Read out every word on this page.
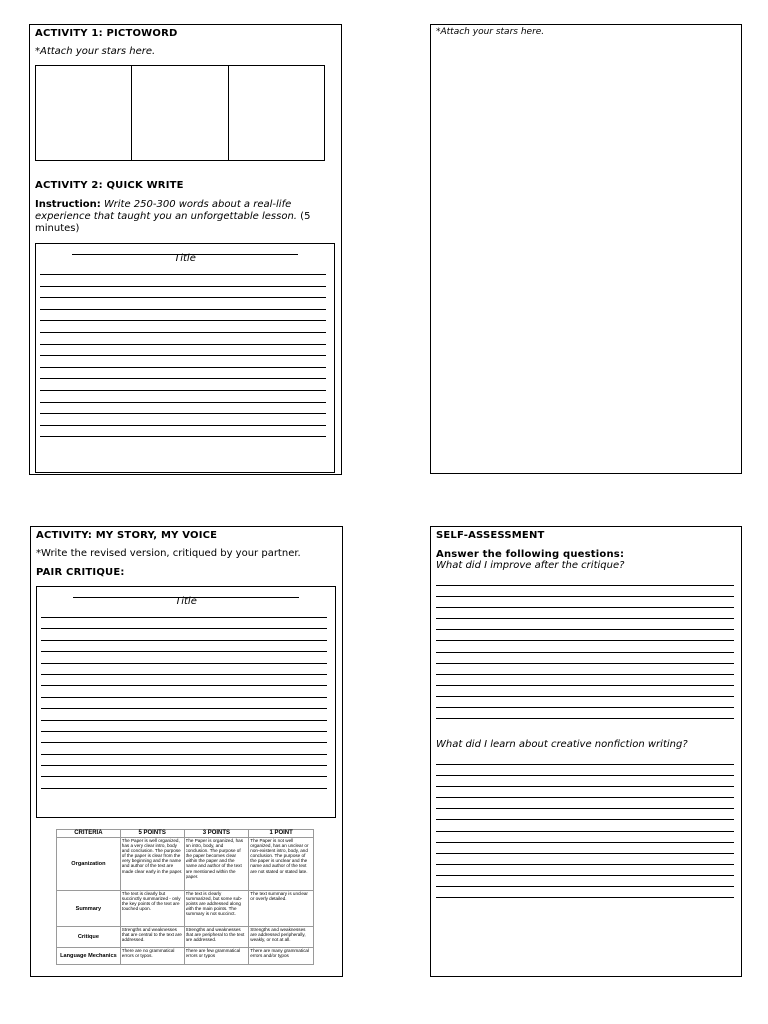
ACTIVITY 1: PICTOWORD
*Attach your stars here.
ACTIVITY 2: QUICK WRITE
Instruction: Write 250-300 words about a real-life
experience that taught you an unforgettable lesson. (5
minutes)
Title
*Attach your stars here.
ACTIVITY: MY STORY, MY VOICE
*Write the revised version, critiqued by your partner.
PAIR CRITIQUE:
Title
CRITERIA	5 POINTS	3 POINTS	1 POINT
Organization	The Paper is well organized, has a very clear intro, body and conclusion. The purpose of the paper is clear from the very beginning and the name and author of the text are made clear early in the paper.	The Paper is organized, has an intro, body, and conclusion. The purpose of the paper becomes clear within the paper and the name and author of the text are mentioned within the paper.	The Paper is not well organized, has an unclear or non-existent intro, body, and conclusion. The purpose of the paper is unclear and the name and author of the text are not stated or stated late.

Summary	The text is clearly but succinctly summarized - only the key points of the text are touched upon.	The text is clearly summarized, but some sub-points are addressed along with the main points. The summary is not succinct.	The text summary is unclear or overly detailed.

Critique	Strengths and weaknesses that are central to the text are addressed.	Strengths and weaknesses that are peripheral to the text are addressed.	Strengths and weaknesses are addressed peripherally, weakly, or not at all.

Language Mechanics	There are no grammatical errors or typos.	There are few grammatical errors or typos	There are many grammatical errors and/or typos
SELF-ASSESSMENT
Answer the following questions:
What did I improve after the critique?
What did I learn about creative nonfiction writing?
